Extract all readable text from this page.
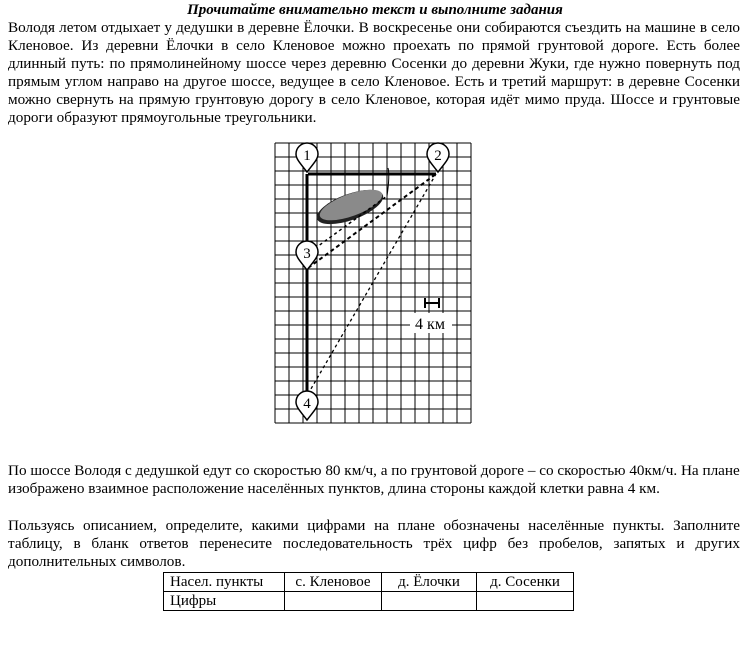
Прочитайте внимательно текст и выполните задания

Володя летом отдыхает у дедушки в деревне Ёлочки. В воскресенье они собираются съездить на машине в село Кленовое. Из деревни Ёлочки в село Кленовое можно проехать по прямой грунтовой дороге. Есть более длинный путь: по прямолинейному шоссе через деревню Сосенки до деревни Жуки, где нужно повернуть под прямым углом направо на другое шоссе, ведущее в село Кленовое. Есть и третий маршрут: в деревне Сосенки можно свернуть на прямую грунтовую дорогу в село Кленовое, которая идёт мимо пруда. Шоссе и грунтовые дороги образуют прямоугольные треугольники.

4 км
1	2
3
4

По шоссе Володя с дедушкой едут со скоростью 80 км/ч, а по грунтовой дороге – со скоростью 40км/ч. На плане изображено взаимное расположение населённых пунктов, длина стороны каждой клетки равна 4 км.

Пользуясь описанием, определите, какими цифрами на плане обозначены населённые пункты. Заполните таблицу, в бланк ответов перенесите последовательность трёх цифр без пробелов, запятых и других дополнительных символов.

Насел. пункты	с. Кленовое	д. Ёлочки	д. Сосенки
Цифры			
